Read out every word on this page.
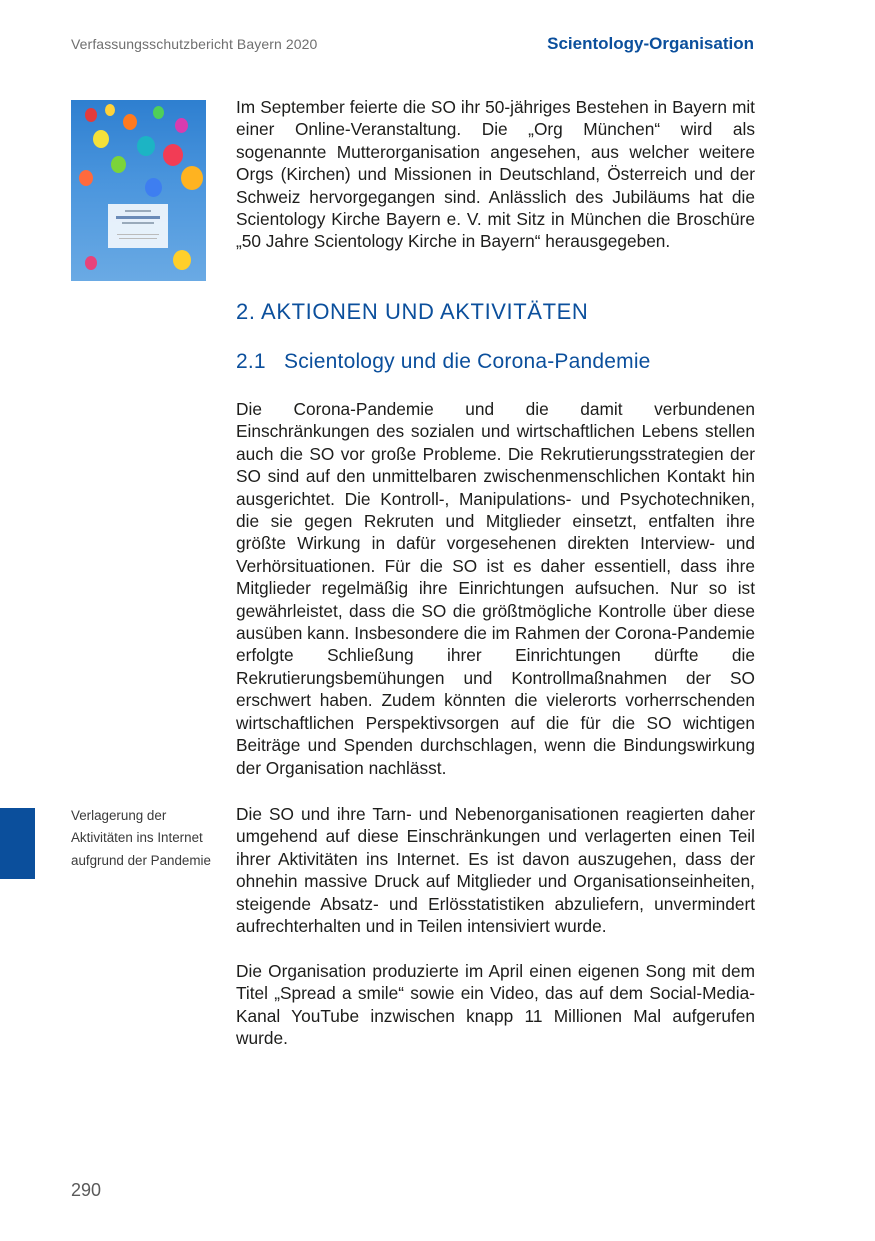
Verfassungsschutzbericht Bayern 2020	Scientology-Organisation

Im September feierte die SO ihr 50-jähriges Bestehen in Bayern mit einer Online-Veranstaltung. Die „Org München“ wird als sogenannte Mutterorganisation angesehen, aus welcher weitere Orgs (Kirchen) und Missionen in Deutschland, Österreich und der Schweiz hervorgegangen sind. Anlässlich des Jubiläums hat die Scientology Kirche Bayern e. V. mit Sitz in München die Broschüre „50 Jahre Scientology Kirche in Bayern“ herausgegeben.

2. AKTIONEN UND AKTIVITÄTEN
2.1 Scientology und die Corona-Pandemie

Die Corona-Pandemie und die damit verbundenen Einschränkungen des sozialen und wirtschaftlichen Lebens stellen auch die SO vor große Probleme. Die Rekrutierungsstrategien der SO sind auf den unmittelbaren zwischenmenschlichen Kontakt hin ausgerichtet. Die Kontroll-, Manipulations- und Psychotechniken, die sie gegen Rekruten und Mitglieder einsetzt, entfalten ihre größte Wirkung in dafür vorgesehenen direkten Interview- und Verhörsituationen. Für die SO ist es daher essentiell, dass ihre Mitglieder regelmäßig ihre Einrichtungen aufsuchen. Nur so ist gewährleistet, dass die SO die größtmögliche Kontrolle über diese ausüben kann. Insbesondere die im Rahmen der Corona-Pandemie erfolgte Schließung ihrer Einrichtungen dürfte die Rekrutierungsbemühungen und Kontrollmaßnahmen der SO erschwert haben. Zudem könnten die vielerorts vorherrschenden wirtschaftlichen Perspektivsorgen auf die für die SO wichtigen Beiträge und Spenden durchschlagen, wenn die Bindungswirkung der Organisation nachlässt.

Verlagerung der Aktivitäten ins Internet aufgrund der Pandemie

Die SO und ihre Tarn- und Nebenorganisationen reagierten daher umgehend auf diese Einschränkungen und verlagerten einen Teil ihrer Aktivitäten ins Internet. Es ist davon auszugehen, dass der ohnehin massive Druck auf Mitglieder und Organisationseinheiten, steigende Absatz- und Erlösstatistiken abzuliefern, unvermindert aufrechterhalten und in Teilen intensiviert wurde.

Die Organisation produzierte im April einen eigenen Song mit dem Titel „Spread a smile“ sowie ein Video, das auf dem Social-Media-Kanal YouTube inzwischen knapp 11 Millionen Mal aufgerufen wurde.

290
